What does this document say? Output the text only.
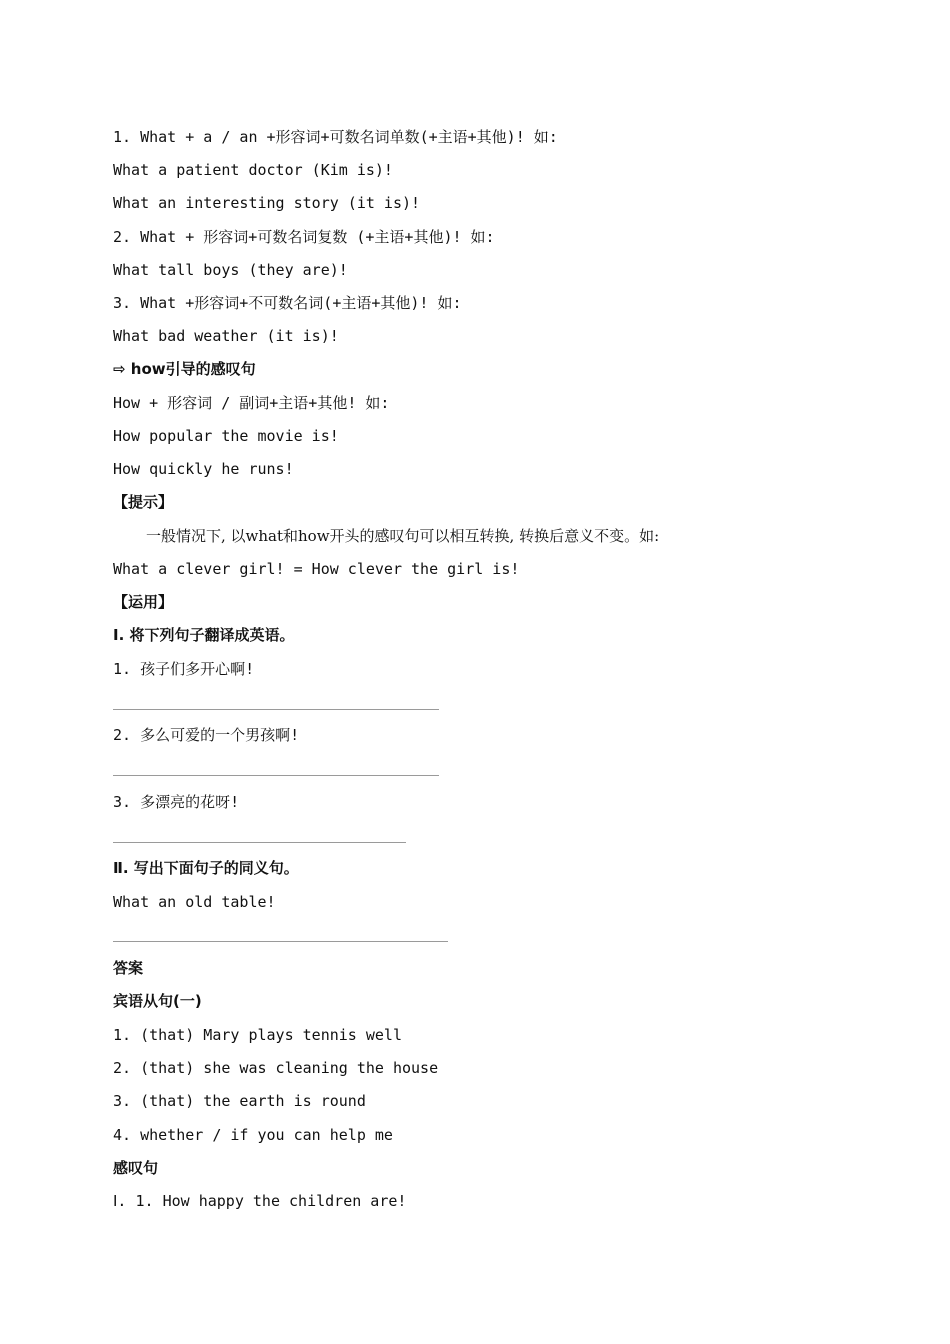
1. What + a / an +形容词+可数名词单数(+主语+其他)! 如:
What a patient doctor (Kim is)!
What an interesting story (it is)!
2. What + 形容词+可数名词复数 (+主语+其他)! 如:
What tall boys (they are)!
3. What +形容词+不可数名词(+主语+其他)! 如:
What bad weather (it is)!
⇨ how引导的感叹句
How + 形容词 / 副词+主语+其他! 如:
How popular the movie is!
How quickly he runs!
【提示】
一般情况下, 以what和how开头的感叹句可以相互转换, 转换后意义不变。如:
What a clever girl! = How clever the girl is!
【运用】
Ⅰ. 将下列句子翻译成英语。
1. 孩子们多开心啊!
2. 多么可爱的一个男孩啊!
3. 多漂亮的花呀!
Ⅱ. 写出下面句子的同义句。
What an old table!
答案
宾语从句(一)
1. (that) Mary plays tennis well
2. (that) she was cleaning the house
3. (that) the earth is round
4. whether / if you can help me
感叹句
Ⅰ. 1. How happy the children are!
